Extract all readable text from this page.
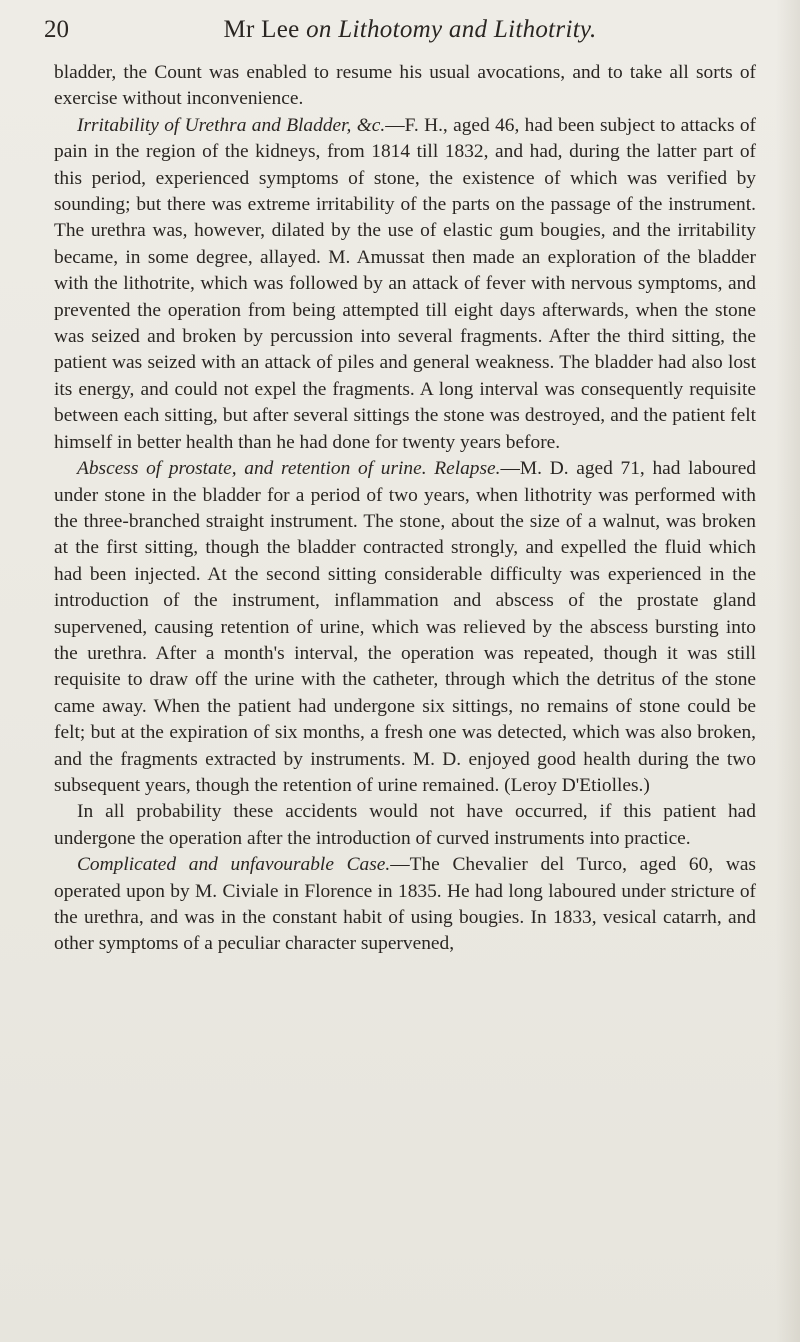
20	Mr Lee on Lithotomy and Lithotrity.

bladder, the Count was enabled to resume his usual avocations, and to take all sorts of exercise without inconvenience.

Irritability of Urethra and Bladder, &c.—F. H., aged 46, had been subject to attacks of pain in the region of the kidneys, from 1814 till 1832, and had, during the latter part of this period, experienced symptoms of stone, the existence of which was verified by sounding; but there was extreme irritability of the parts on the passage of the instrument. The urethra was, however, dilated by the use of elastic gum bougies, and the irritability became, in some degree, allayed. M. Amussat then made an exploration of the bladder with the lithotrite, which was followed by an attack of fever with nervous symptoms, and prevented the operation from being attempted till eight days afterwards, when the stone was seized and broken by percussion into several fragments. After the third sitting, the patient was seized with an attack of piles and general weakness. The bladder had also lost its energy, and could not expel the fragments. A long interval was consequently requisite between each sitting, but after several sittings the stone was destroyed, and the patient felt himself in better health than he had done for twenty years before.

Abscess of prostate, and retention of urine. Relapse.—M. D. aged 71, had laboured under stone in the bladder for a period of two years, when lithotrity was performed with the three-branched straight instrument. The stone, about the size of a walnut, was broken at the first sitting, though the bladder contracted strongly, and expelled the fluid which had been injected. At the second sitting considerable difficulty was experienced in the introduction of the instrument, inflammation and abscess of the prostate gland supervened, causing retention of urine, which was relieved by the abscess bursting into the urethra. After a month's interval, the operation was repeated, though it was still requisite to draw off the urine with the catheter, through which the detritus of the stone came away. When the patient had undergone six sittings, no remains of stone could be felt; but at the expiration of six months, a fresh one was detected, which was also broken, and the fragments extracted by instruments. M. D. enjoyed good health during the two subsequent years, though the retention of urine remained. (Leroy D'Etiolles.)

In all probability these accidents would not have occurred, if this patient had undergone the operation after the introduction of curved instruments into practice.

Complicated and unfavourable Case.—The Chevalier del Turco, aged 60, was operated upon by M. Civiale in Florence in 1835. He had long laboured under stricture of the urethra, and was in the constant habit of using bougies. In 1833, vesical catarrh, and other symptoms of a peculiar character supervened,
